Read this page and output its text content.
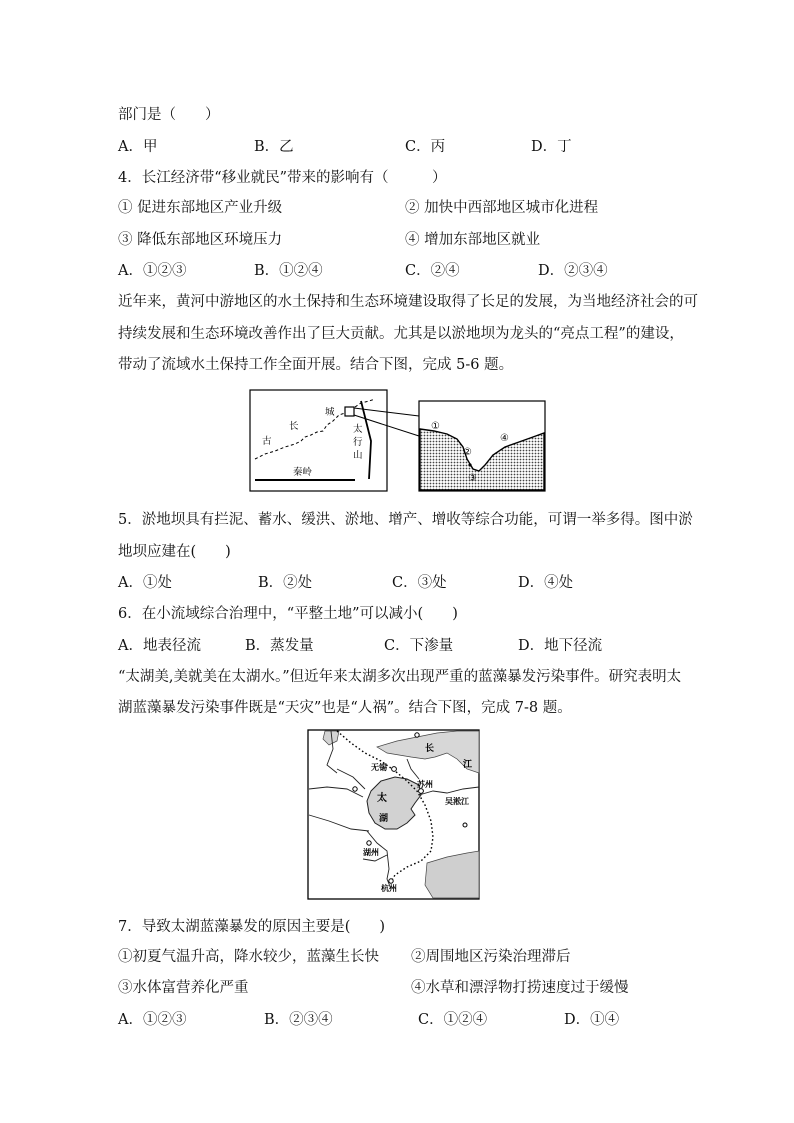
部门是（　　）
A．甲	B．乙	C．丙	D．丁
4．长江经济带“移业就民”带来的影响有（　　　）
① 促进东部地区产业升级	② 加快中西部地区城市化进程
③ 降低东部地区环境压力	④ 增加东部地区就业
A．①②③	B．①②④	C．②④	D．②③④
近年来，黄河中游地区的水土保持和生态环境建设取得了长足的发展，为当地经济社会的可
持续发展和生态环境改善作出了巨大贡献。尤其是以淤地坝为龙头的“亮点工程”的建设，
带动了流域水土保持工作全面开展。结合下图，完成 5-6 题。
城
长
古
太
行
山
秦岭
①
②
③
④
5．淤地坝具有拦泥、蓄水、缓洪、淤地、增产、增收等综合功能，可谓一举多得。图中淤
地坝应建在(　　)
A．①处	B．②处	C．③处	D．④处
6．在小流域综合治理中，“平整土地”可以减小(　　)
A．地表径流	B．蒸发量	C．下渗量	D．地下径流
“太湖美,美就美在太湖水。”但近年来太湖多次出现严重的蓝藻暴发污染事件。研究表明太
湖蓝藻暴发污染事件既是“天灾”也是“人祸”。结合下图，完成 7-8 题。
长
江
无锡
苏州
吴淞江
太
湖
湖州
杭州
7．导致太湖蓝藻暴发的原因主要是(　　)
①初夏气温升高，降水较少，蓝藻生长快 ②周围地区污染治理滞后
③水体富营养化严重	④水草和漂浮物打捞速度过于缓慢
A．①②③	B．②③④	C．①②④	D．①④
